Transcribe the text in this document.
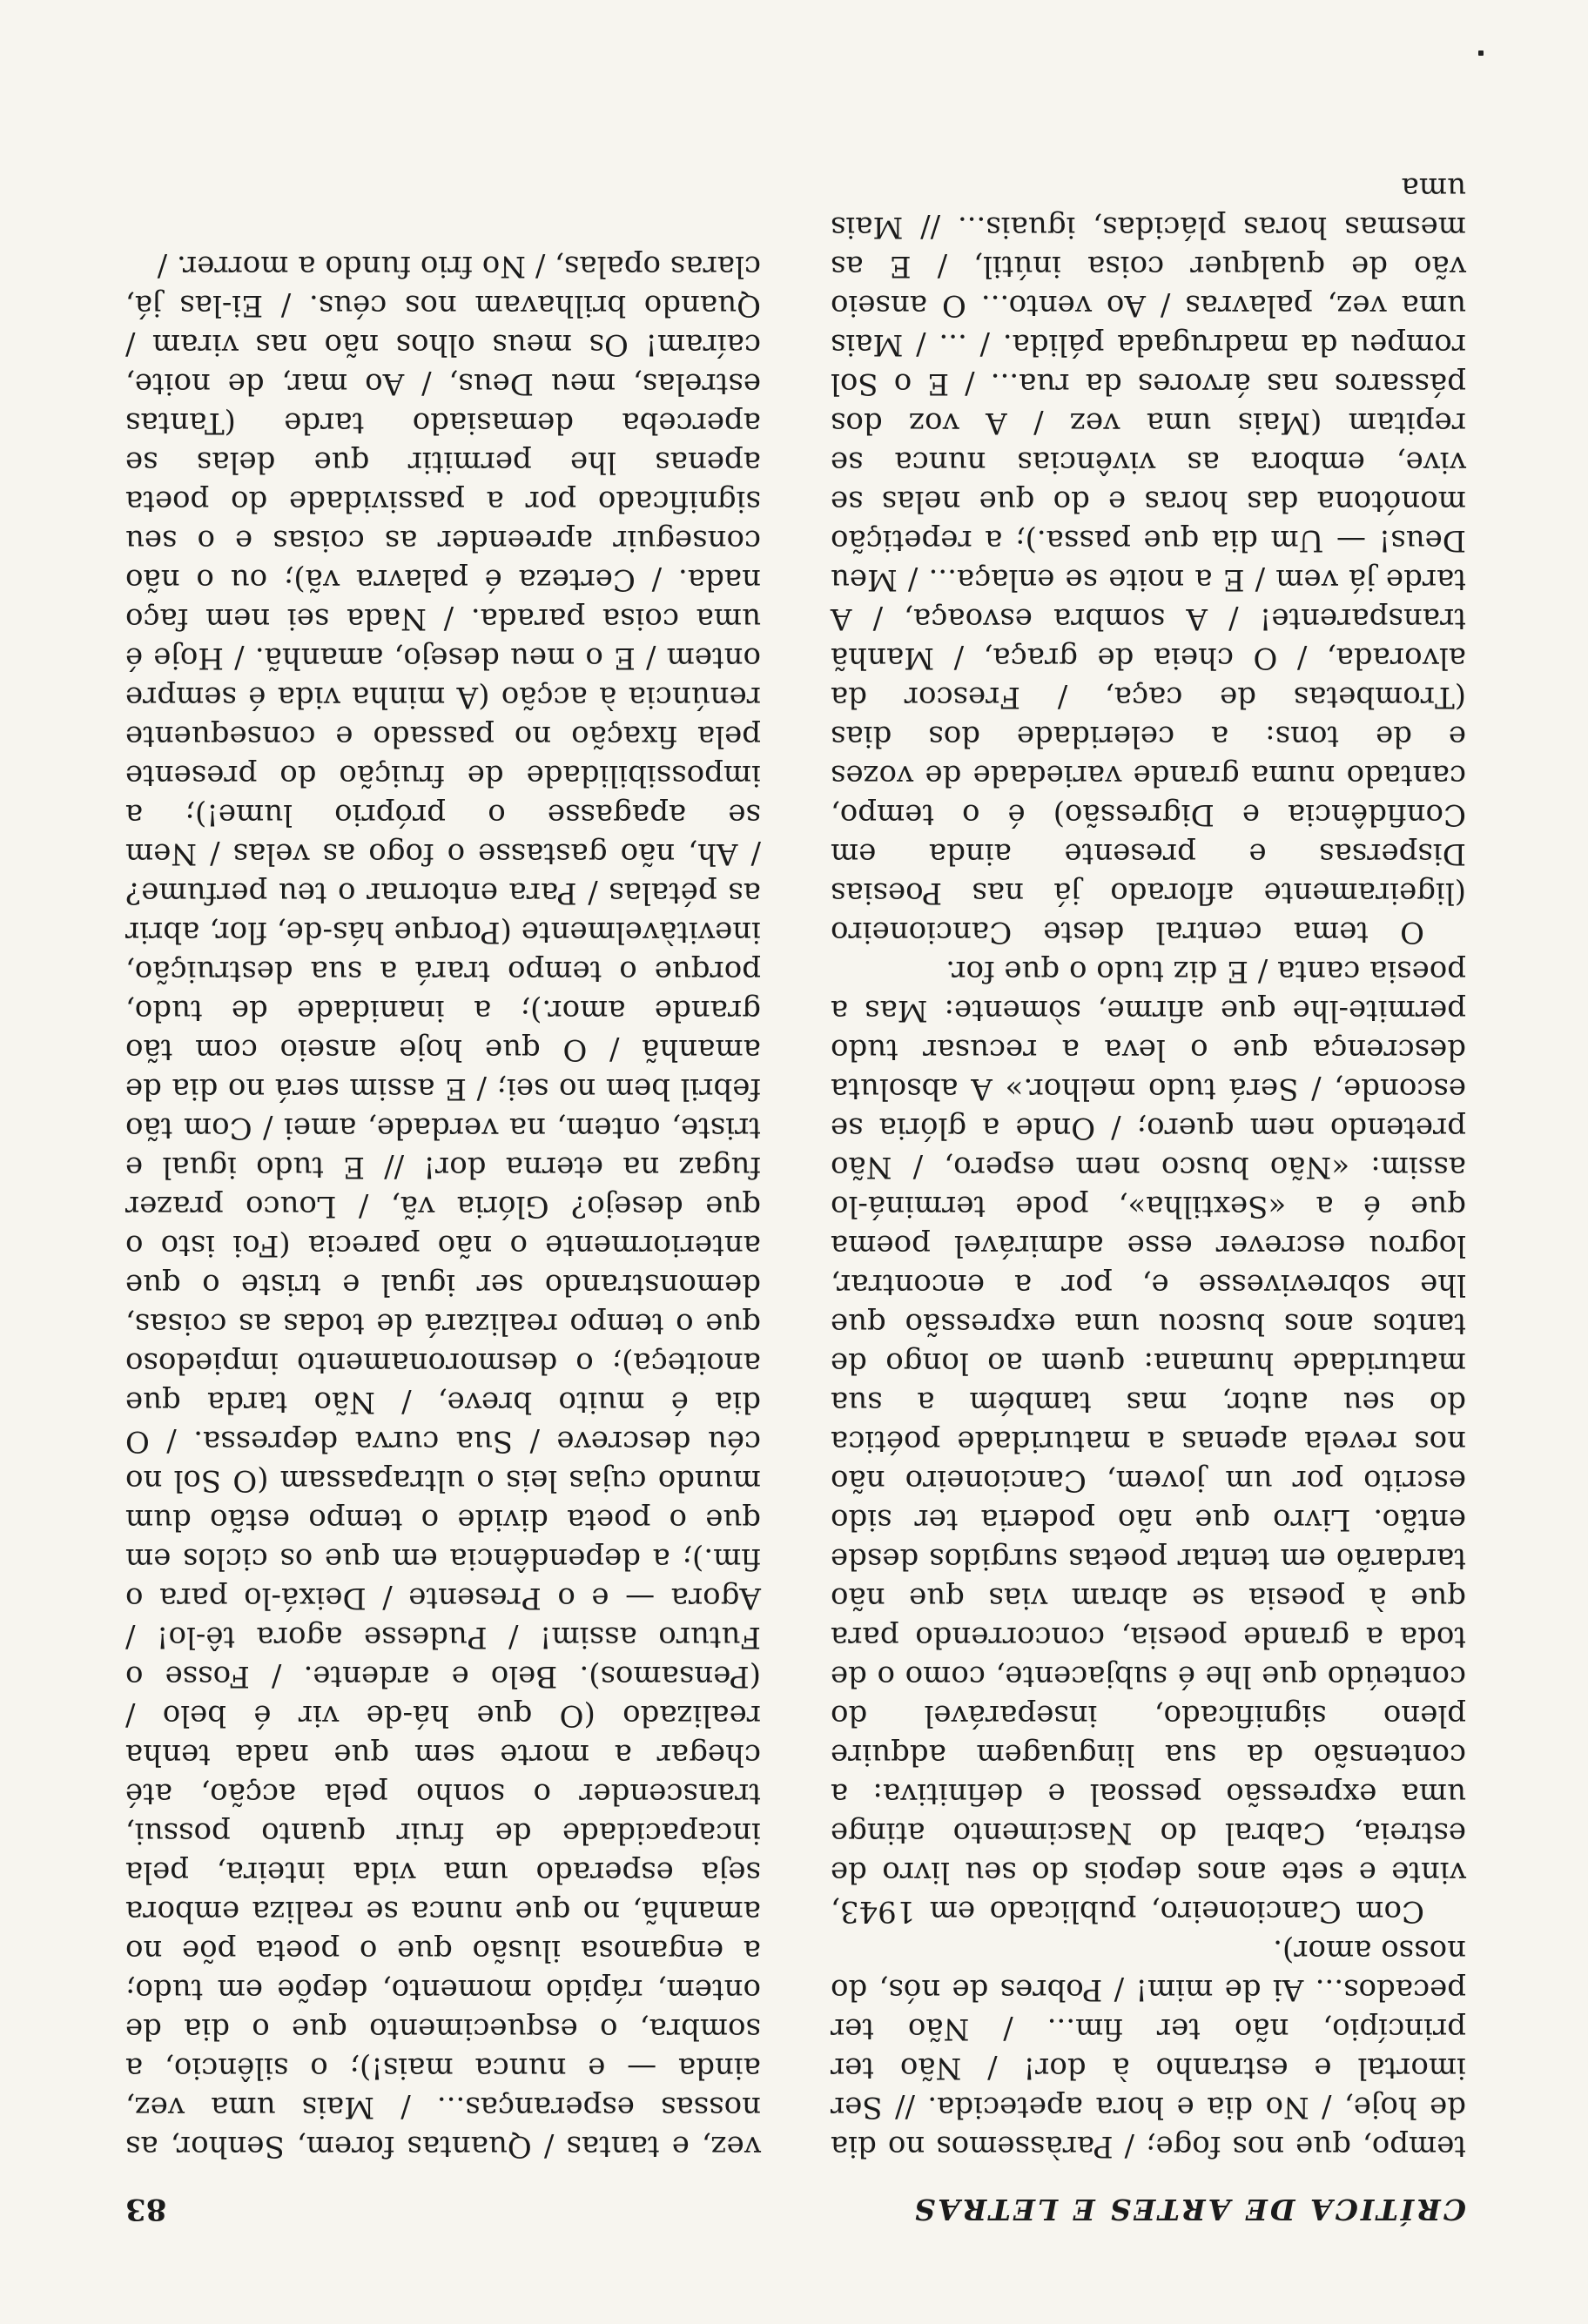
CRÍTICA DE ARTES E LETRAS
83

tempo, que nos foge; / Paràssemos no dia de hoje, / No dia e hora apetecida. // Ser imortal e estranho à dor! / Não ter princípio, não ter fim... / Não ter pecados... Ai de mim! / Pobres de nós, do nosso amor).

Com Cancioneiro, publicado em 1943, vinte e sete anos depois do seu livro de estreia, Cabral do Nascimento atinge uma expressão pessoal e definitiva: a contensão da sua linguagem adquire pleno significado, inseparável do conteúdo que lhe é subjacente, como o de toda a grande poesia, concorrendo para que à poesia se abram vias que não tardarão em tentar poetas surgidos desde então. Livro que não poderia ter sido escrito por um jovem, Cancioneiro não nos revela apenas a maturidade poética do seu autor, mas também a sua maturidade humana: quem ao longo de tantos anos buscou uma expressão que lhe sobrevivesse e, por a encontrar, logrou escrever esse admirável poema que é a «Sextilha», pode terminá-lo assim: «Não busco nem espero, / Não pretendo nem quero; / Onde a glória se esconde, / Será tudo melhor.» A absoluta descrença que o leva a recusar tudo permite-lhe que afirme, sòmente: Mas a poesia canta / E diz tudo o que for.

O tema central deste Cancioneiro (ligeiramente aflorado já nas Poesias Dispersas e presente ainda em Confidência e Digressão) é o tempo, cantado numa grande variedade de vozes e de tons: a celeridade dos dias (Trombetas de caça, / Frescor da alvorada, / O cheia de graça, / Manhã transparente! / A sombra esvoaça, / A tarde já vem / E a noite se enlaça... / Meu Deus! — Um dia que passa.); a repetição monótona das horas e do que nelas se vive, embora as vivências nunca se repitam (Mais uma vez / A voz dos pássaros nas árvores da rua... / E o Sol rompeu da madrugada pálida. / ... / Mais uma vez, palavras / Ao vento... O anseio vão de qualquer coisa inútil, / E as mesmas horas plácidas, iguais... // Mais uma

vez, e tantas / Quantas forem, Senhor, as nossas esperanças... / Mais uma vez, ainda — e nunca mais!); o silêncio, a sombra, o esquecimento que o dia de ontem, rápido momento, depõe em tudo; a enganosa ilusão que o poeta põe no amanhã, no que nunca se realiza embora seja esperado uma vida inteira, pela incapacidade de fruir quanto possui, transcender o sonho pela acção, até chegar a morte sem que nada tenha realizado (O que há-de vir é belo / (Pensamos). Belo e ardente. / Fosse o Futuro assim! / Pudesse agora tê-lo! / Agora — e o Presente / Deixá-lo para o fim.); a dependência em que os ciclos em que o poeta divide o tempo estão dum mundo cujas leis o ultrapassam (O Sol no céu descreve / Sua curva depressa. / O dia é muito breve, / Não tarda que anoiteça); o desmoronamento impiedoso que o tempo realizará de todas as coisas, demonstrando ser igual e triste o que anteriormente o não parecia (Foi isto o que desejo? Glória vã, / Louco prazer fugaz na eterna dor! // E tudo igual e triste, ontem, na verdade, amei / Com tão febril bem no sei; / E assim será no dia de amanhã / O que hoje anseio com tão grande amor.); a inanidade de tudo, porque o tempo trará a sua destruição, inevitàvelmente (Porque hás-de, flor, abrir as pétalas / Para entornar o teu perfume? / Ah, não gastasse o fogo as velas / Nem se apagasse o próprio lume!); a impossibilidade de fruição do presente pela fixação no passado e consequente renúncia à acção (A minha vida é sempre ontem / E o meu desejo, amanhã. / Hoje é uma coisa parada. / Nada sei nem faço nada. / Certeza é palavra vã); ou o não conseguir apreender as coisas e o seu significado por a passividade do poeta apenas lhe permitir que delas se aperceba demasiado tarde (Tantas estrelas, meu Deus, / Ao mar, de noite, caíram! Os meus olhos não nas viram / Quando brilhavam nos céus. / Ei-las já, claras opalas, / No frio fundo a morrer. /
